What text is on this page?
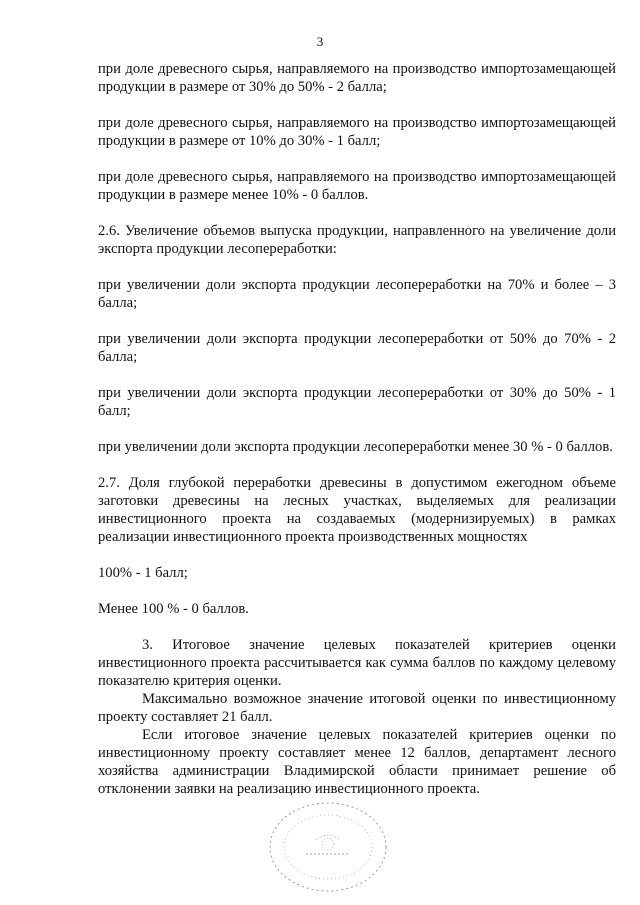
3

при доле древесного сырья, направляемого на производство импортозамещающей продукции в размере от 30% до 50% - 2 балла;

при доле древесного сырья, направляемого на производство импортозамещающей продукции в размере от 10% до 30% - 1 балл;

при доле древесного сырья, направляемого на производство импортозамещающей продукции в размере менее 10% - 0 баллов.

2.6. Увеличение объемов выпуска продукции, направленного на увеличение доли экспорта продукции лесопереработки:

при увеличении доли экспорта продукции лесопереработки на 70% и более – 3 балла;

при увеличении доли экспорта продукции лесопереработки от 50% до 70% - 2 балла;

при увеличении доли экспорта продукции лесопереработки от 30% до 50% - 1 балл;

при увеличении доли экспорта продукции лесопереработки менее 30 % - 0 баллов.

2.7. Доля глубокой переработки древесины в допустимом ежегодном объеме заготовки древесины на лесных участках, выделяемых для реализации инвестиционного проекта на создаваемых (модернизируемых) в рамках реализации инвестиционного проекта производственных мощностях

100% - 1 балл;

Менее 100 % - 0 баллов.

3. Итоговое значение целевых показателей критериев оценки инвестиционного проекта рассчитывается как сумма баллов по каждому целевому показателю критерия оценки.

Максимально возможное значение итоговой оценки по инвестиционному проекту составляет 21 балл.

Если итоговое значение целевых показателей критериев оценки по инвестиционному проекту составляет менее 12 баллов, департамент лесного хозяйства администрации Владимирской области принимает решение об отклонении заявки на реализацию инвестиционного проекта.
